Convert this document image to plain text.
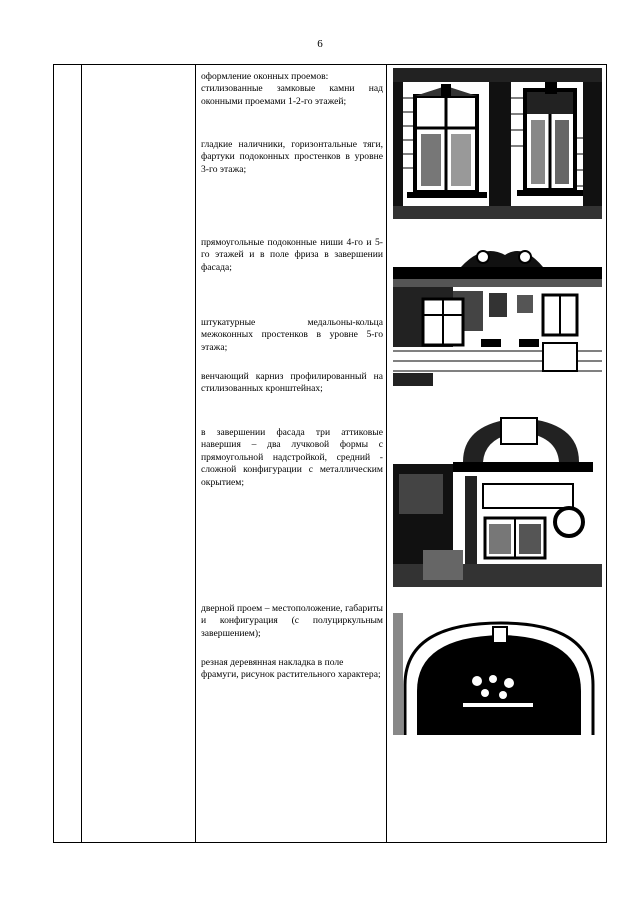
6
оформление оконных проемов:
стилизованные замковые камни над оконными проемами 1-2-го этажей;
гладкие наличники, горизонтальные тяги, фартуки подоконных простенков в уровне 3-го этажа;
прямоугольные подоконные ниши 4-го и 5-го этажей и в поле фриза в завершении фасада;
штукатурные медальоны-кольца межоконных простенков в уровне 5-го этажа;
венчающий карниз профилированный на стилизованных кронштейнах;
в завершении фасада три аттиковые навершия – два лучковой формы с прямоугольной надстройкой, средний - сложной конфигурации с металлическим окрытием;
дверной проем – местоположение, габариты и конфигурация (с полуциркульным завершением);
резная деревянная накладка в поле фрамуги, рисунок растительного характера;
